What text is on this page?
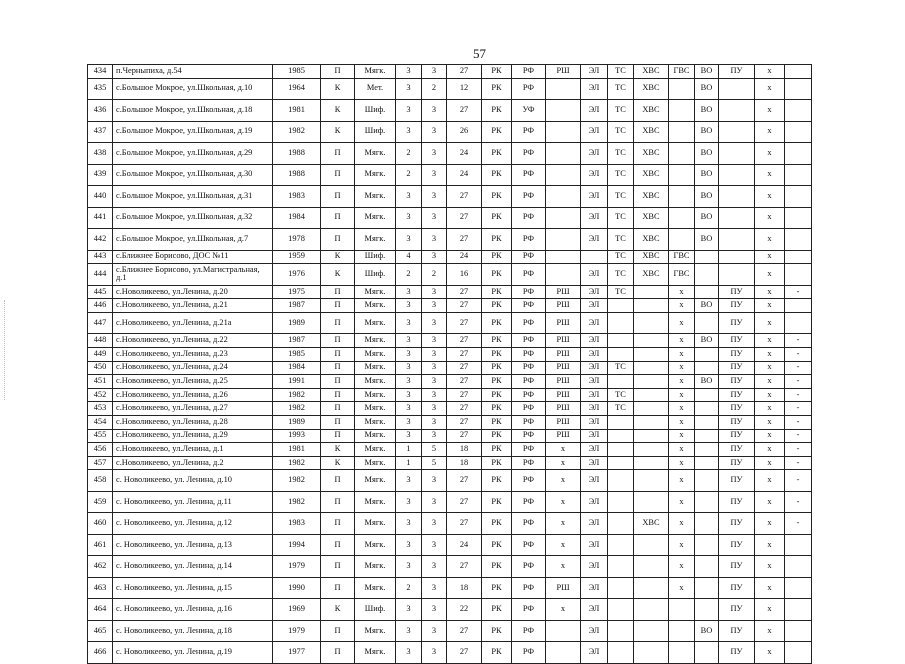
57
434	п.Черныпиха, д.54	1985	П	Мягк.	3	3	27	РК	РФ	РШ	ЭЛ	ТС	ХВС	ГВС	ВО	ПУ	х	
435	с.Большое Мокрое, ул.Школьная, д.10	1964	К	Мет.	3	2	12	РК	РФ		ЭЛ	ТС	ХВС		ВО		х	
436	с.Большое Мокрое, ул.Школьная, д.18	1981	К	Шиф.	3	3	27	РК	УФ		ЭЛ	ТС	ХВС		ВО		х	
437	с.Большое Мокрое, ул.Школьная, д.19	1982	К	Шиф.	3	3	26	РК	РФ		ЭЛ	ТС	ХВС		ВО		х	
438	с.Большое Мокрое, ул.Школьная, д.29	1988	П	Мягк.	2	3	24	РК	РФ		ЭЛ	ТС	ХВС		ВО		х	
439	с.Большое Мокрое, ул.Школьная, д.30	1988	П	Мягк.	2	3	24	РК	РФ		ЭЛ	ТС	ХВС		ВО		х	
440	с.Большое Мокрое, ул.Школьная, д.31	1983	П	Мягк.	3	3	27	РК	РФ		ЭЛ	ТС	ХВС		ВО		х	
441	с.Большое Мокрое, ул.Школьная, д.32	1984	П	Мягк.	3	3	27	РК	РФ		ЭЛ	ТС	ХВС		ВО		х	
442	с.Большое Мокрое, ул.Школьная, д.7	1978	П	Мягк.	3	3	27	РК	РФ		ЭЛ	ТС	ХВС		ВО		х	
443	с.Ближнее Борисово, ДОС №11	1959	К	Шиф.	4	3	24	РК	РФ			ТС	ХВС	ГВС			х	
444	с.Ближнее Борисово, ул.Магистральная, д.1	1976	К	Шиф.	2	2	16	РК	РФ		ЭЛ	ТС	ХВС	ГВС			х	
445	с.Новоликеево, ул.Ленина, д.20	1975	П	Мягк.	3	3	27	РК	РФ	РШ	ЭЛ	ТС		х		ПУ	х	-
446	с.Новоликеево, ул.Ленина, д.21	1987	П	Мягк.	3	3	27	РК	РФ	РШ	ЭЛ			х	ВО	ПУ	х	
447	с.Новоликеево, ул.Ленина, д.21а	1989	П	Мягк.	3	3	27	РК	РФ	РШ	ЭЛ			х		ПУ	х	
448	с.Новоликеево, ул.Ленина, д.22	1987	П	Мягк.	3	3	27	РК	РФ	РШ	ЭЛ			х	ВО	ПУ	х	-
449	с.Новоликеево, ул.Ленина, д.23	1985	П	Мягк.	3	3	27	РК	РФ	РШ	ЭЛ			х		ПУ	х	-
450	с.Новоликеево, ул.Ленина, д.24	1984	П	Мягк.	3	3	27	РК	РФ	РШ	ЭЛ	ТС		х		ПУ	х	-
451	с.Новоликеево, ул.Ленина, д.25	1991	П	Мягк.	3	3	27	РК	РФ	РШ	ЭЛ			х	ВО	ПУ	х	-
452	с.Новоликеево, ул.Ленина, д.26	1982	П	Мягк.	3	3	27	РК	РФ	РШ	ЭЛ	ТС		х		ПУ	х	-
453	с.Новоликеево, ул.Ленина, д.27	1982	П	Мягк.	3	3	27	РК	РФ	РШ	ЭЛ	ТС		х		ПУ	х	-
454	с.Новоликеево, ул.Ленина, д.28	1989	П	Мягк.	3	3	27	РК	РФ	РШ	ЭЛ			х		ПУ	х	-
455	с.Новоликеево, ул.Ленина, д.29	1993	П	Мягк.	3	3	27	РК	РФ	РШ	ЭЛ			х		ПУ	х	-
456	с.Новоликеево, ул.Ленина, д.1	1981	К	Мягк.	1	5	18	РК	РФ	х	ЭЛ			х		ПУ	х	-
457	с.Новоликеево, ул.Ленина, д.2	1982	К	Мягк.	1	5	18	РК	РФ	х	ЭЛ			х		ПУ	х	-
458	с. Новоликеево, ул. Ленина, д.10	1982	П	Мягк.	3	3	27	РК	РФ	х	ЭЛ			х		ПУ	х	-
459	с. Новоликеево, ул. Ленина, д.11	1982	П	Мягк.	3	3	27	РК	РФ	х	ЭЛ			х		ПУ	х	-
460	с. Новоликеево, ул. Ленина, д.12	1983	П	Мягк.	3	3	27	РК	РФ	х	ЭЛ		ХВС	х		ПУ	х	-
461	с. Новоликеево, ул. Ленина, д.13	1994	П	Мягк.	3	3	24	РК	РФ	х	ЭЛ			х		ПУ	х	
462	с. Новоликеево, ул. Ленина, д.14	1979	П	Мягк.	3	3	27	РК	РФ	х	ЭЛ			х		ПУ	х	
463	с. Новоликеево, ул. Ленина, д.15	1990	П	Мягк.	2	3	18	РК	РФ	РШ	ЭЛ			х		ПУ	х	
464	с. Новоликеево, ул. Ленина, д.16	1969	К	Шиф.	3	3	22	РК	РФ	х	ЭЛ					ПУ	х	
465	с. Новоликеево, ул. Ленина, д.18	1979	П	Мягк.	3	3	27	РК	РФ		ЭЛ				ВО	ПУ	х	
466	с. Новоликеево, ул. Ленина, д.19	1977	П	Мягк.	3	3	27	РК	РФ		ЭЛ					ПУ	х	
